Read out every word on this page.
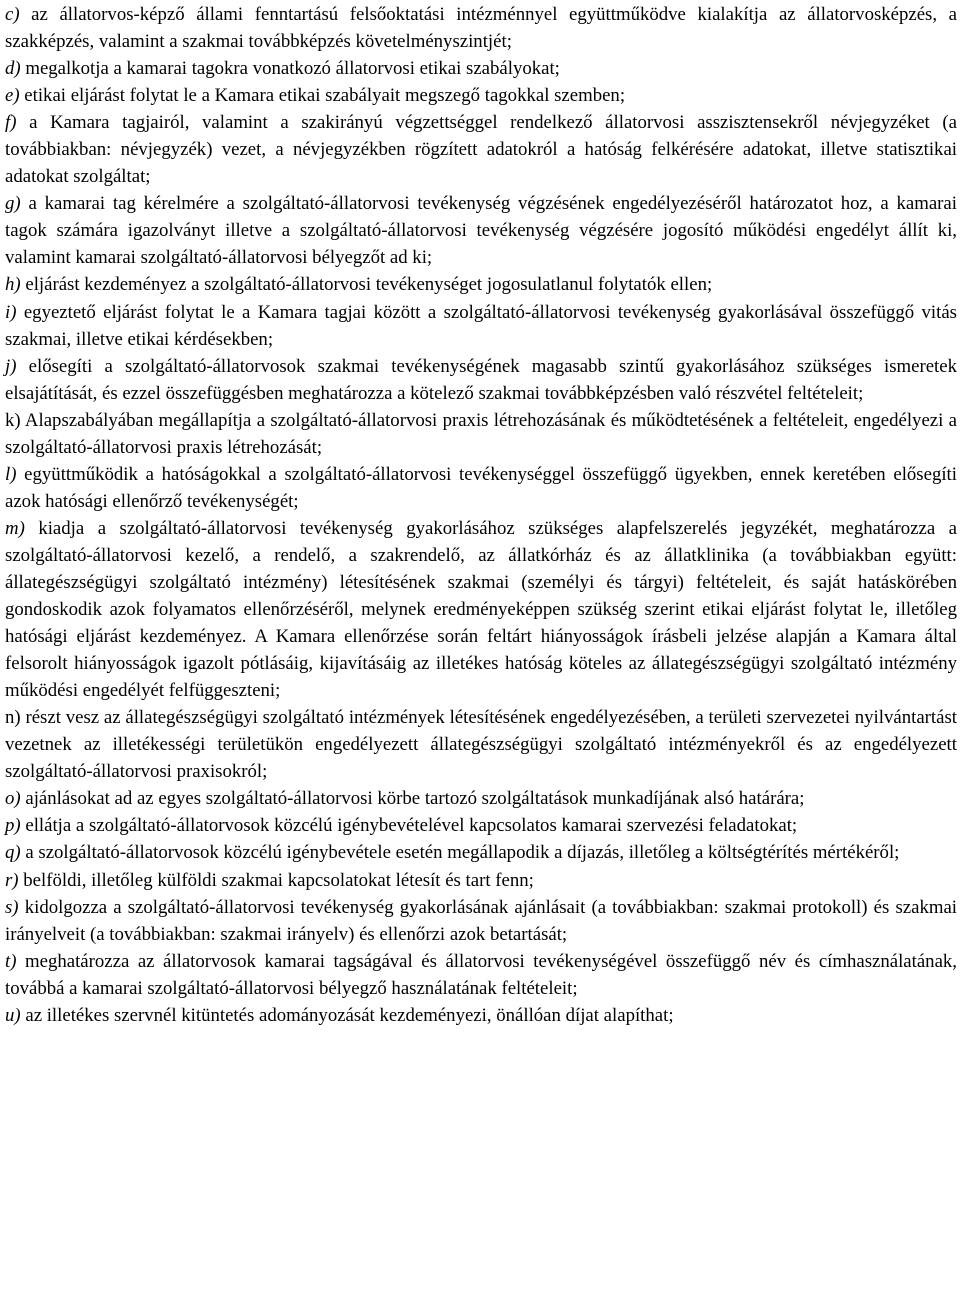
c) az állatorvos-képző állami fenntartású felsőoktatási intézménnyel együttműködve kialakítja az állatorvosképzés, a szakképzés, valamint a szakmai továbbképzés követelményszintjét;

d) megalkotja a kamarai tagokra vonatkozó állatorvosi etikai szabályokat;

e) etikai eljárást folytat le a Kamara etikai szabályait megszegő tagokkal szemben;

f) a Kamara tagjairól, valamint a szakirányú végzettséggel rendelkező állatorvosi asszisztensekről névjegyzéket (a továbbiakban: névjegyzék) vezet, a névjegyzékben rögzített adatokról a hatóság felkérésére adatokat, illetve statisztikai adatokat szolgáltat;

g) a kamarai tag kérelmére a szolgáltató-állatorvosi tevékenység végzésének engedélyezéséről határozatot hoz, a kamarai tagok számára igazolványt illetve a szolgáltató-állatorvosi tevékenység végzésére jogosító működési engedélyt állít ki, valamint kamarai szolgáltató-állatorvosi bélyegzőt ad ki;

h) eljárást kezdeményez a szolgáltató-állatorvosi tevékenységet jogosulatlanul folytatók ellen;

i) egyeztető eljárást folytat le a Kamara tagjai között a szolgáltató-állatorvosi tevékenység gyakorlásával összefüggő vitás szakmai, illetve etikai kérdésekben;

j) elősegíti a szolgáltató-állatorvosok szakmai tevékenységének magasabb szintű gyakorlásához szükséges ismeretek elsajátítását, és ezzel összefüggésben meghatározza a kötelező szakmai továbbképzésben való részvétel feltételeit;

k) Alapszabályában megállapítja a szolgáltató-állatorvosi praxis létrehozásának és működtetésének a feltételeit, engedélyezi a szolgáltató-állatorvosi praxis létrehozását;

l) együttműködik a hatóságokkal a szolgáltató-állatorvosi tevékenységgel összefüggő ügyekben, ennek keretében elősegíti azok hatósági ellenőrző tevékenységét;

m) kiadja a szolgáltató-állatorvosi tevékenység gyakorlásához szükséges alapfelszerelés jegyzékét, meghatározza a szolgáltató-állatorvosi kezelő, a rendelő, a szakrendelő, az állatkórház és az állatklinika (a továbbiakban együtt: állategészségügyi szolgáltató intézmény) létesítésének szakmai (személyi és tárgyi) feltételeit, és saját hatáskörében gondoskodik azok folyamatos ellenőrzéséről, melynek eredményeképpen szükség szerint etikai eljárást folytat le, illetőleg hatósági eljárást kezdeményez. A Kamara ellenőrzése során feltárt hiányosságok írásbeli jelzése alapján a Kamara által felsorolt hiányosságok igazolt pótlásáig, kijavításáig az illetékes hatóság köteles az állategészségügyi szolgáltató intézmény működési engedélyét felfüggeszteni;

n) részt vesz az állategészségügyi szolgáltató intézmények létesítésének engedélyezésében, a területi szervezetei nyilvántartást vezetnek az illetékességi területükön engedélyezett állategészségügyi szolgáltató intézményekről és az engedélyezett szolgáltató-állatorvosi praxisokról;

o) ajánlásokat ad az egyes szolgáltató-állatorvosi körbe tartozó szolgáltatások munkadíjának alsó határára;

p) ellátja a szolgáltató-állatorvosok közcélú igénybevételével kapcsolatos kamarai szervezési feladatokat;

q) a szolgáltató-állatorvosok közcélú igénybevétele esetén megállapodik a díjazás, illetőleg a költségtérítés mértékéről;

r) belföldi, illetőleg külföldi szakmai kapcsolatokat létesít és tart fenn;

s) kidolgozza a szolgáltató-állatorvosi tevékenység gyakorlásának ajánlásait (a továbbiakban: szakmai protokoll) és szakmai irányelveit (a továbbiakban: szakmai irányelv) és ellenőrzi azok betartását;

t) meghatározza az állatorvosok kamarai tagságával és állatorvosi tevékenységével összefüggő név és címhasználatának, továbbá a kamarai szolgáltató-állatorvosi bélyegző használatának feltételeit;

u) az illetékes szervnél kitüntetés adományozását kezdeményezi, önállóan díjat alapíthat;
